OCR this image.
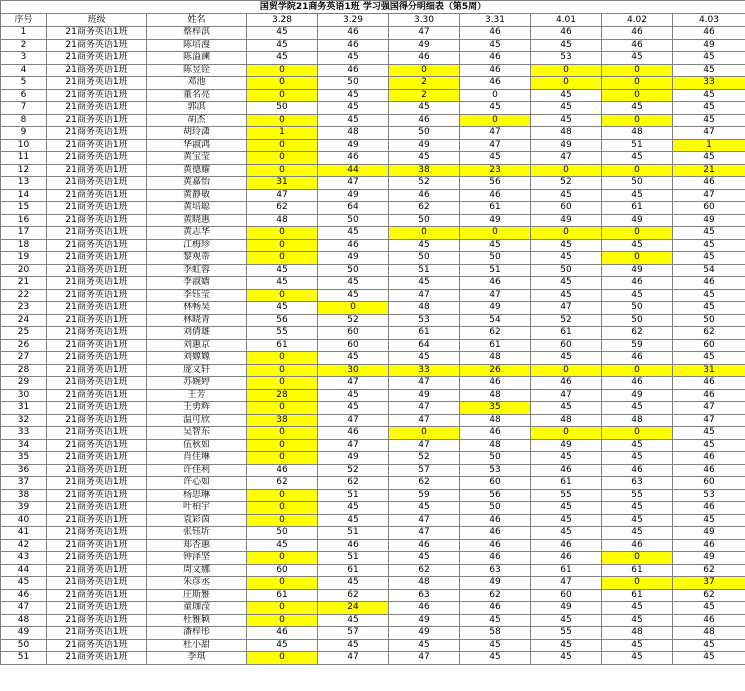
国贸学院21商务英语1班 学习强国得分明细表（第5周）									
序号	班级	姓名	3.28	3.29	3.30	3.31	4.01	4.02	4.03
1	21商务英语1班	蔡梓淇	45	46	47	46	46	46	46
2	21商务英语1班	陈培漫	45	46	49	45	45	46	49
3	21商务英语1班	陈溢澜	45	45	46	46	53	45	45
4	21商务英语1班	陈昱铨	0	46	0	46	0	0	45
5	21商务英语1班	邓池	0	50	2	46	0	0	33
6	21商务英语1班	董名亮	0	45	2	0	45	0	45
7	21商务英语1班	郭淇	50	45	45	45	45	45	45
8	21商务英语1班	胡杰	0	45	46	0	45	0	45
9	21商务英语1班	胡玲潇	1	48	50	47	48	48	47
10	21商务英语1班	华淑鸿	0	49	49	47	49	51	1
11	21商务英语1班	黄宝莹	0	46	45	45	47	45	45
12	21商务英语1班	黄德耀	0	44	38	23	0	0	21
13	21商务英语1班	黄嘉怡	31	47	52	56	52	50	46
14	21商务英语1班	黄静敏	47	49	46	46	45	45	47
15	21商务英语1班	黄培聪	62	64	62	61	60	61	60
16	21商务英语1班	黄晓惠	48	50	50	49	49	49	49
17	21商务英语1班	黄志华	0	45	0	0	0	0	45
18	21商务英语1班	江梅珍	0	46	45	45	45	45	45
19	21商务英语1班	黎观蒂	0	49	50	50	45	0	45
20	21商务英语1班	李虹蓉	45	50	51	51	50	49	54
21	21商务英语1班	李淑嫱	45	45	45	46	45	46	46
22	21商务英语1班	李钰莹	0	45	47	47	45	45	45
23	21商务英语1班	林畅昊	45	0	48	49	47	50	45
24	21商务英语1班	林晓青	56	52	53	54	52	50	50
25	21商务英语1班	刘倩雄	55	60	61	62	61	62	62
26	21商务英语1班	刘蕙京	61	60	64	61	60	59	60
27	21商务英语1班	刘嫄嫄	0	45	45	48	45	46	45
28	21商务英语1班	庞文轩	0	30	33	26	0	0	31
29	21商务英语1班	苏婉婷	0	47	47	46	46	46	46
30	21商务英语1班	王芳	28	45	49	48	47	49	46
31	21商务英语1班	王勇辉	0	45	47	35	45	45	47
32	21商务英语1班	温可欣	38	47	47	48	48	48	47
33	21商务英语1班	吴智东	0	46	0	46	0	0	45
34	21商务英语1班	伍秋如	0	47	47	48	49	45	45
35	21商务英语1班	肖佳琳	0	49	52	50	45	45	46
36	21商务英语1班	许佳利	46	52	57	53	46	46	46
37	21商务英语1班	许心如	62	62	62	60	61	63	60
38	21商务英语1班	杨思琳	0	51	59	56	55	55	53
39	21商务英语1班	叶柏宇	0	45	45	50	45	45	46
40	21商务英语1班	袁彩茵	0	45	47	46	45	45	45
41	21商务英语1班	张钰圻	50	51	47	46	45	45	49
42	21商务英语1班	郑杏蕙	45	46	46	46	46	46	46
43	21商务英语1班	钟泽坚	0	51	45	46	46	0	49
44	21商务英语1班	周文娜	60	61	62	63	61	61	62
45	21商务英语1班	朱彦丞	0	45	48	49	47	0	37
46	21商务英语1班	庄斯雅	61	62	63	62	60	61	62
47	21商务英语1班	童珈滢	0	24	46	46	49	45	45
48	21商务英语1班	杜雅颖	0	45	49	45	45	45	46
49	21商务英语1班	潘梓彤	46	57	49	58	55	48	48
50	21商务英语1班	杜小甜	45	45	45	45	45	45	45
51	21商务英语1班	李琪	0	47	47	45	45	45	45
